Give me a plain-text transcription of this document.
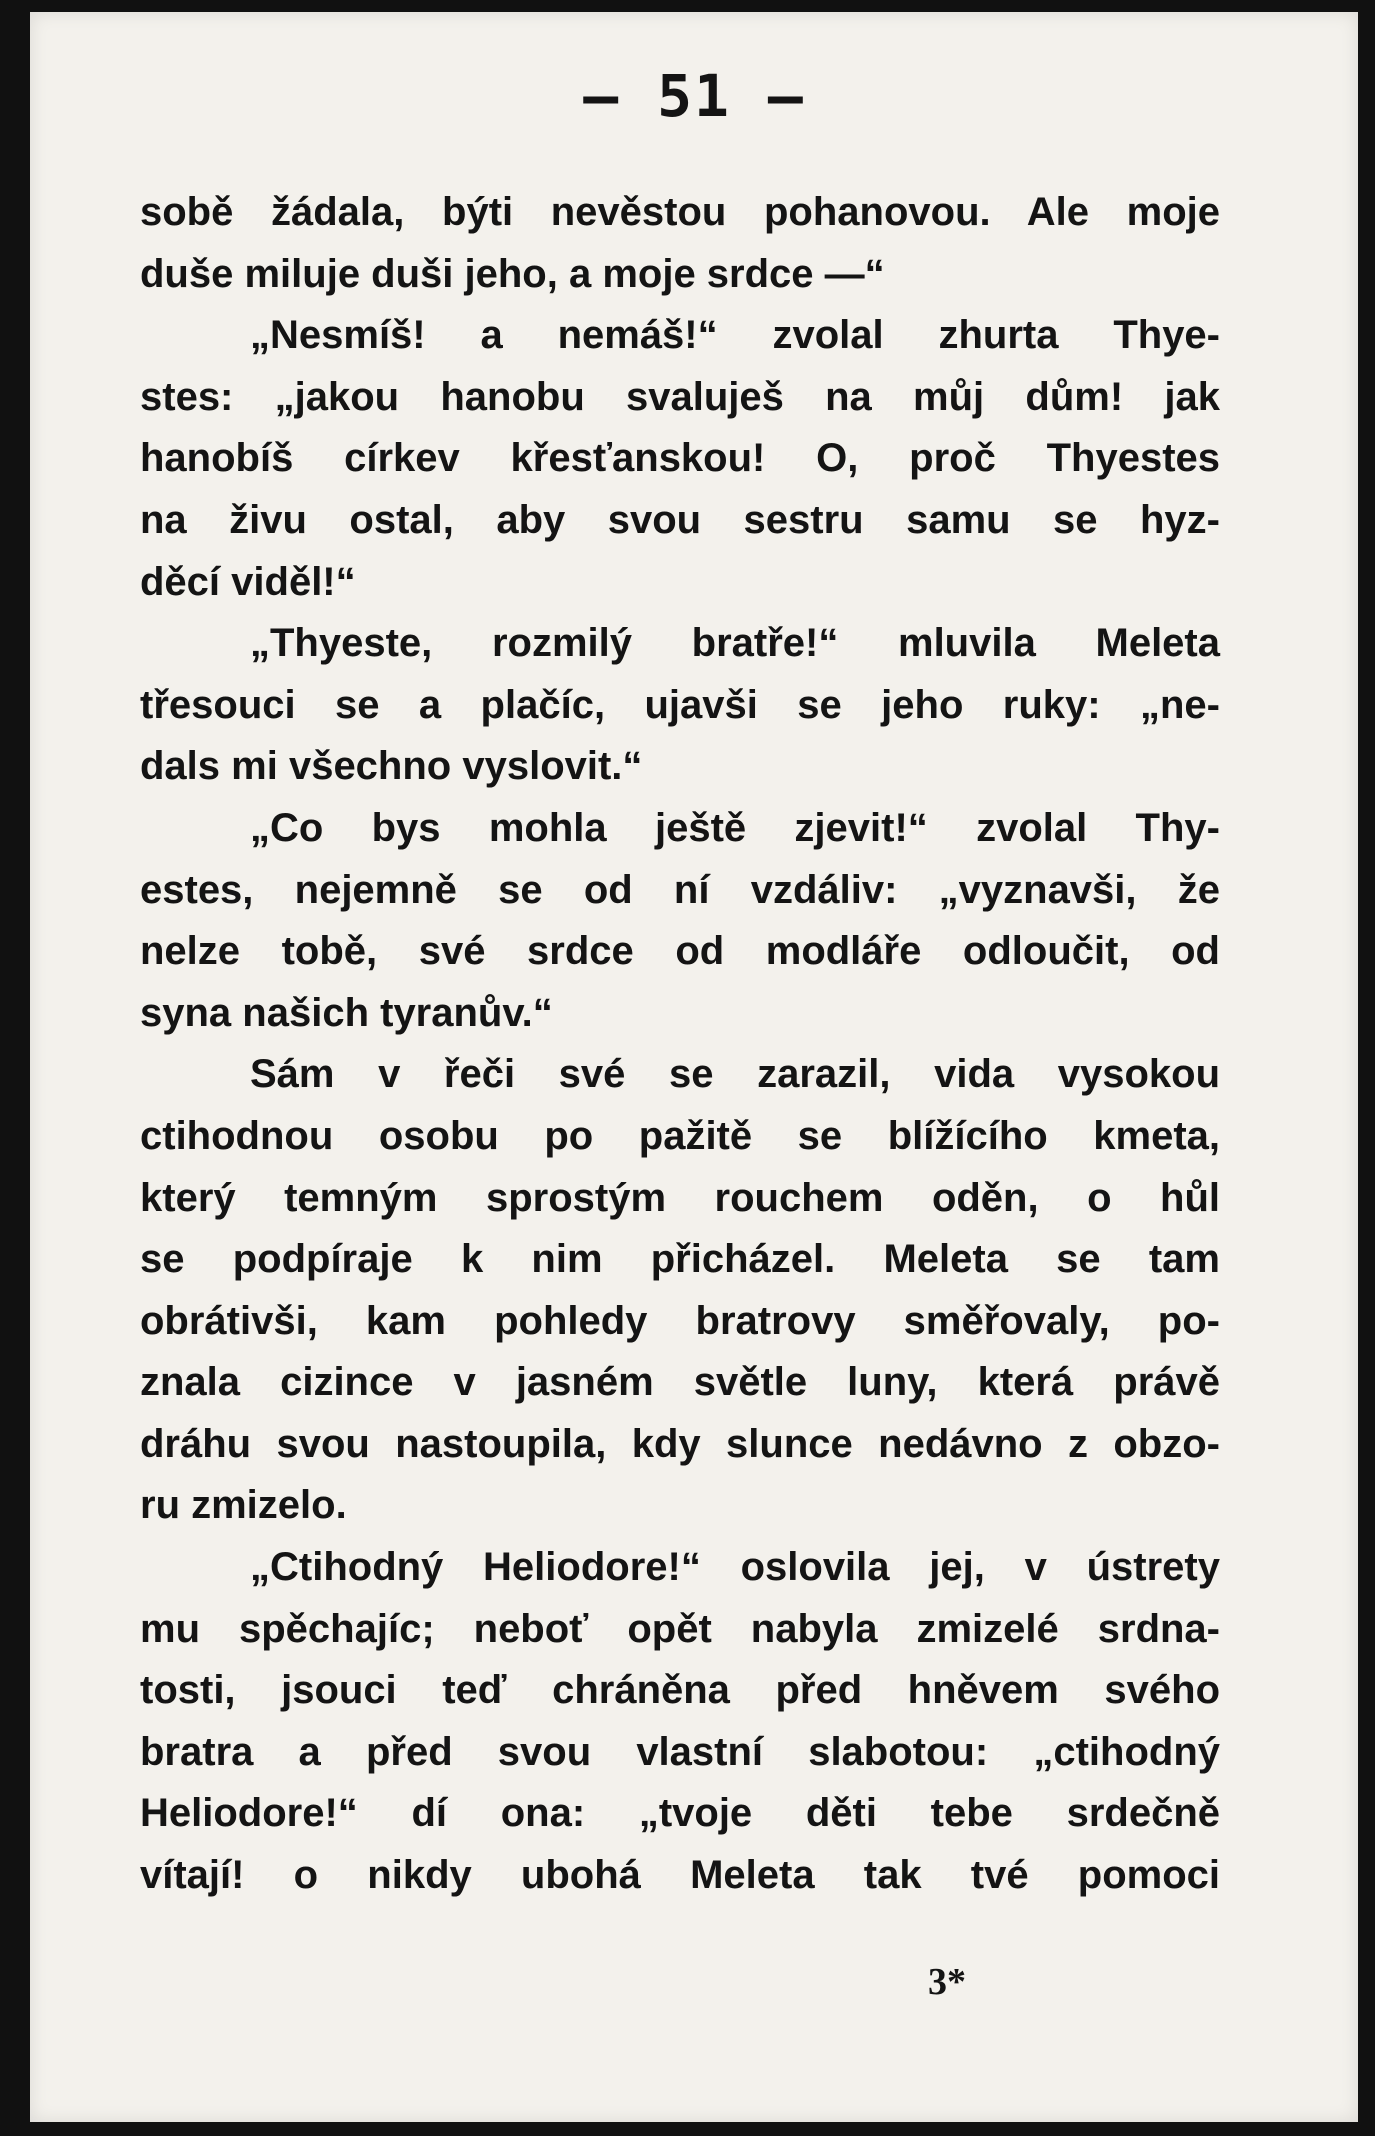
— 51 —
sobě žádala, býti nevěstou pohanovou. Ale moje
duše miluje duši jeho, a moje srdce —“
„Nesmíš! a nemáš!“ zvolal zhurta Thye-
stes: „jakou hanobu svaluješ na můj dům! jak
hanobíš církev křesťanskou! O, proč Thyestes
na živu ostal, aby svou sestru samu se hyz-
děcí viděl!“
„Thyeste, rozmilý bratře!“ mluvila Meleta
třesouci se a plačíc, ujavši se jeho ruky: „ne-
dals mi všechno vyslovit.“
„Co bys mohla ještě zjevit!“ zvolal Thy-
estes, nejemně se od ní vzdáliv: „vyznavši, že
nelze tobě, své srdce od modláře odloučit, od
syna našich tyranův.“
Sám v řeči své se zarazil, vida vysokou
ctihodnou osobu po pažitě se blížícího kmeta,
který temným sprostým rouchem oděn, o hůl
se podpíraje k nim přicházel. Meleta se tam
obrátivši, kam pohledy bratrovy směřovaly, po-
znala cizince v jasném světle luny, která právě
dráhu svou nastoupila, kdy slunce nedávno z obzo-
ru zmizelo.
„Ctihodný Heliodore!“ oslovila jej, v ústrety
mu spěchajíc; neboť opět nabyla zmizelé srdna-
tosti, jsouci teď chráněna před hněvem svého
bratra a před svou vlastní slabotou: „ctihodný
Heliodore!“ dí ona: „tvoje děti tebe srdečně
vítají! o nikdy ubohá Meleta tak tvé pomoci
3*
